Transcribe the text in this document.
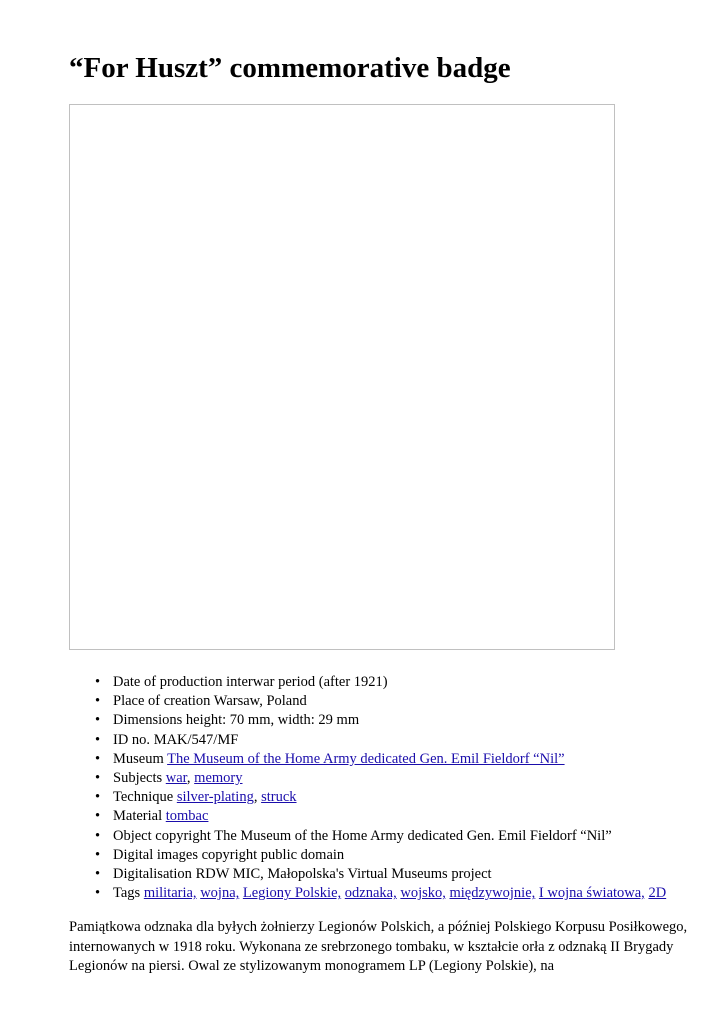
“For Huszt” commemorative badge
• Date of production interwar period (after 1921)
• Place of creation Warsaw, Poland
• Dimensions height: 70 mm, width: 29 mm
• ID no. MAK/547/MF
• Museum The Museum of the Home Army dedicated Gen. Emil Fieldorf “Nil”
• Subjects war, memory
• Technique silver-plating, struck
• Material tombac
• Object copyright The Museum of the Home Army dedicated Gen. Emil Fieldorf “Nil”
• Digital images copyright public domain
• Digitalisation RDW MIC, Małopolska's Virtual Museums project
• Tags militaria, wojna, Legiony Polskie, odznaka, wojsko, międzywojnie, I wojna światowa, 2D

Pamiątkowa odznaka dla byłych żołnierzy Legionów Polskich, a później Polskiego Korpusu Posiłkowego, internowanych w 1918 roku. Wykonana ze srebrzonego tombaku, w kształcie orła z odznaką II Brygady Legionów na piersi. Owal ze stylizowanym monogramem LP (Legiony Polskie), na
